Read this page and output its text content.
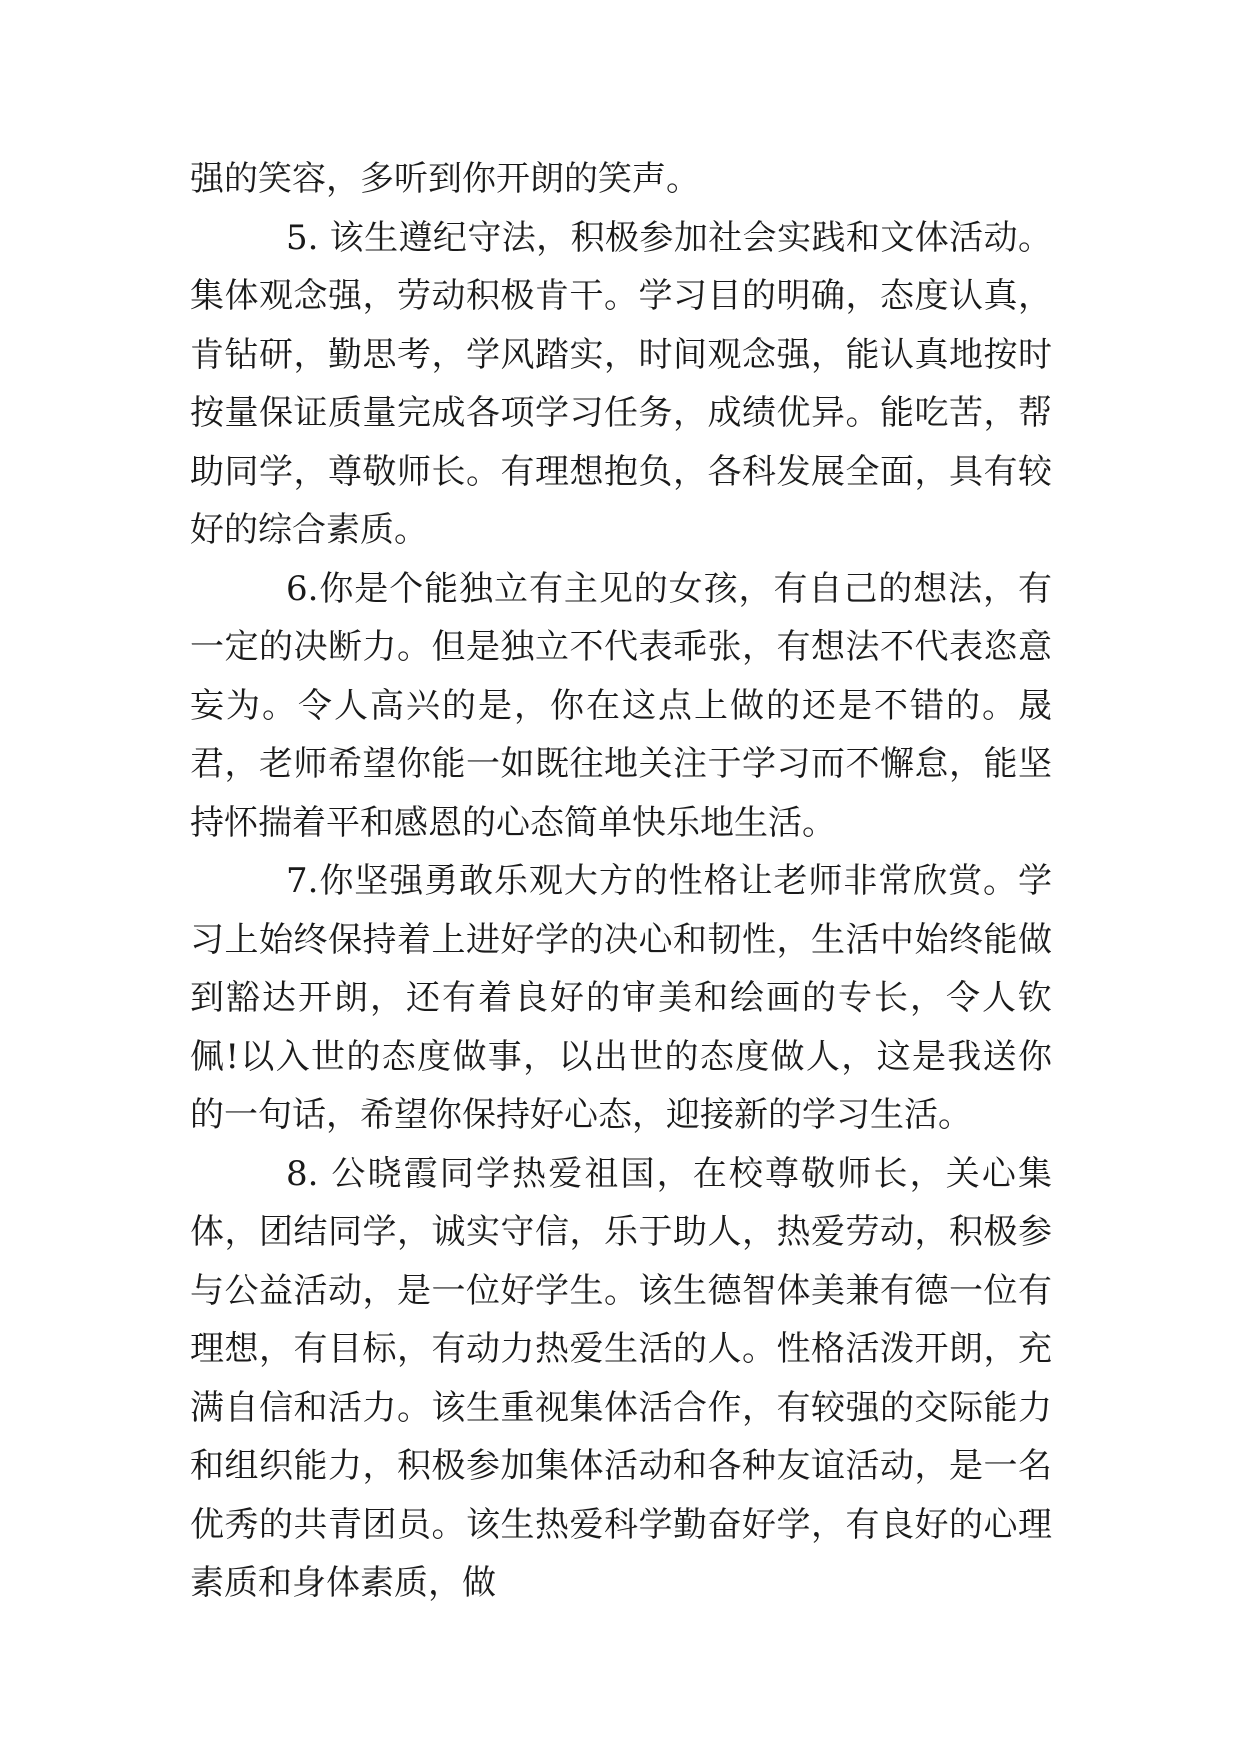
强的笑容，多听到你开朗的笑声。

5. 该生遵纪守法，积极参加社会实践和文体活动。集体观念强，劳动积极肯干。学习目的明确，态度认真，肯钻研，勤思考，学风踏实，时间观念强，能认真地按时按量保证质量完成各项学习任务，成绩优异。能吃苦，帮助同学，尊敬师长。有理想抱负，各科发展全面，具有较好的综合素质。

6.你是个能独立有主见的女孩，有自己的想法，有一定的决断力。但是独立不代表乖张，有想法不代表恣意妄为。令人高兴的是，你在这点上做的还是不错的。晟君，老师希望你能一如既往地关注于学习而不懈怠，能坚持怀揣着平和感恩的心态简单快乐地生活。

7.你坚强勇敢乐观大方的性格让老师非常欣赏。学习上始终保持着上进好学的决心和韧性，生活中始终能做到豁达开朗，还有着良好的审美和绘画的专长，令人钦佩!以入世的态度做事，以出世的态度做人，这是我送你的一句话，希望你保持好心态，迎接新的学习生活。

8. 公晓霞同学热爱祖国，在校尊敬师长，关心集体，团结同学，诚实守信，乐于助人，热爱劳动，积极参与公益活动，是一位好学生。该生德智体美兼有德一位有理想，有目标，有动力热爱生活的人。性格活泼开朗，充满自信和活力。该生重视集体活合作，有较强的交际能力和组织能力，积极参加集体活动和各种友谊活动，是一名优秀的共青团员。该生热爱科学勤奋好学，有良好的心理素质和身体素质，做
